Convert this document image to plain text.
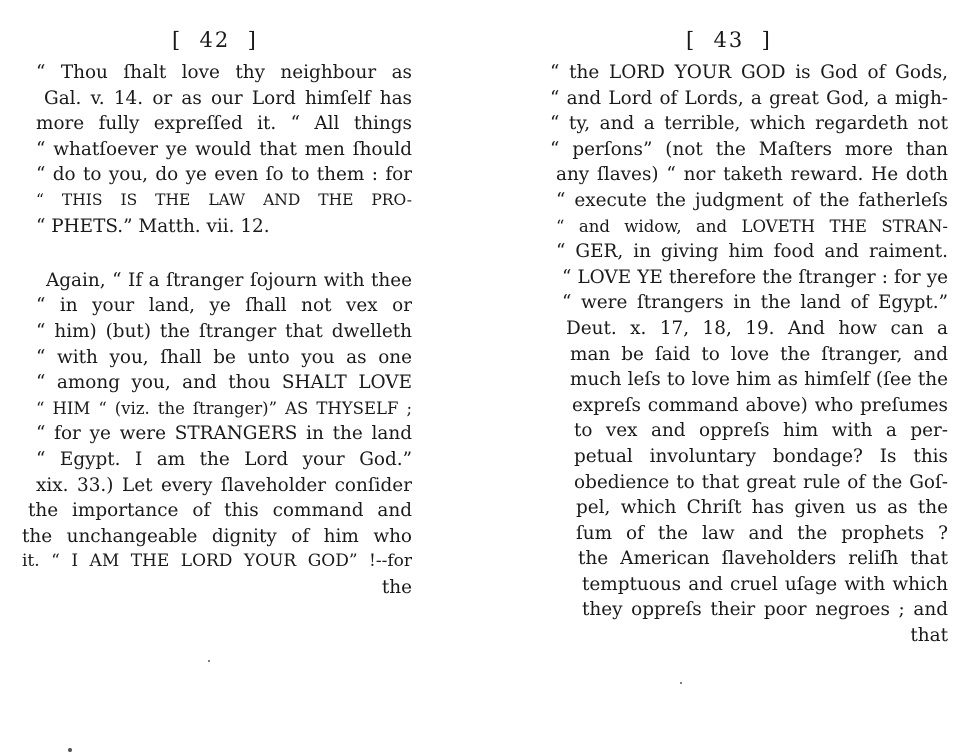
[  42  ]
“ Thou ſhalt love thy neighbour as
Gal. v. 14. or as our Lord himſelf has
more fully expreſſed it. “ All things
“ whatſoever ye would that men ſhould
“ do to you, do ye even ſo to them : for
“ THIS IS THE LAW AND THE PRO-
“ PHETS.” Matth. vii. 12.
Again, “ If a ſtranger ſojourn with thee
“ in your land, ye ſhall not vex or
“ him) (but) the ſtranger that dwelleth
“ with you, ſhall be unto you as one
“ among you, and thou SHALT LOVE
“ HIM “ (viz. the ſtranger)” AS THYSELF ;
“ for ye were STRANGERS in the land
“ Egypt. I am the Lord your God.”
xix. 33.) Let every ſlaveholder conſider
the importance of this command and
the unchangeable dignity of him who
it. “ I AM THE LORD YOUR GOD” !--for
the
[  43  ]
“ the LORD YOUR GOD is God of Gods,
“ and Lord of Lords, a great God, a migh-
“ ty, and a terrible, which regardeth not
“ perſons” (not the Maſters more than
any ſlaves) “ nor taketh reward. He doth
“ execute the judgment of the fatherleſs
“ and widow, and LOVETH THE STRAN-
“ GER, in giving him food and raiment.
“ LOVE YE therefore the ſtranger : for ye
“ were ſtrangers in the land of Egypt.”
Deut. x. 17, 18, 19. And how can a
man be ſaid to love the ſtranger, and
much leſs to love him as himſelf (ſee the
expreſs command above) who preſumes
to vex and oppreſs him with a per-
petual involuntary bondage? Is this
obedience to that great rule of the Goſ-
pel, which Chriſt has given us as the
ſum of the law and the prophets ?
the American ſlaveholders reliſh that
temptuous and cruel uſage with which
they oppreſs their poor negroes ; and
that
